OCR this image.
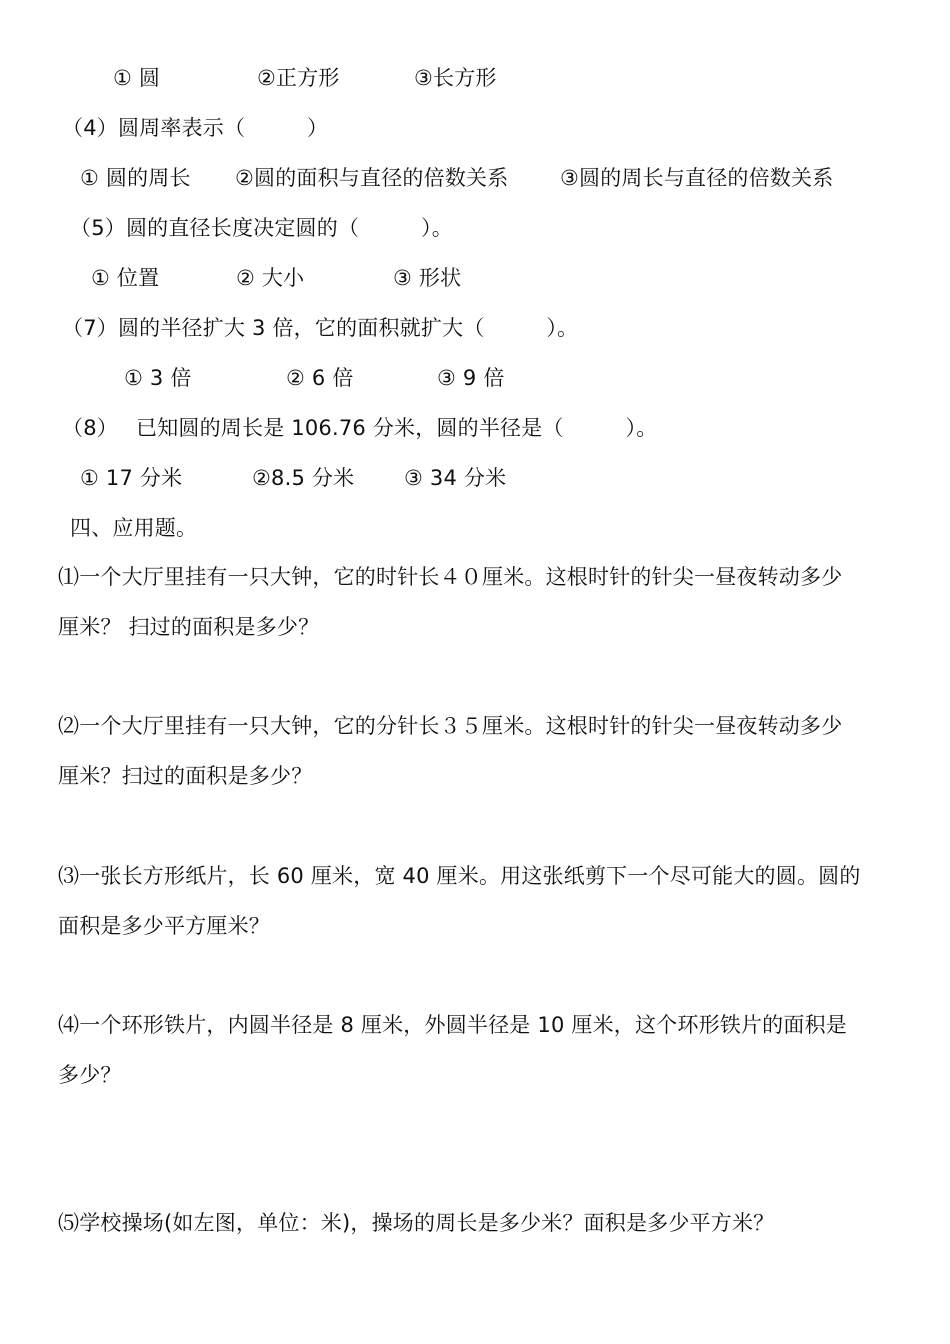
① 圆	②正方形	③长方形
（4）圆周率表示（         ）
① 圆的周长 ②圆的面积与直径的倍数关系 ③圆的周长与直径的倍数关系
（5）圆的直径长度决定圆的（         ）。
① 位置	② 大小	③ 形状
（7）圆的半径扩大 3 倍，它的面积就扩大（         ）。
① 3 倍	② 6 倍	③ 9 倍
（8） 已知圆的周长是 106.76 分米，圆的半径是（         ）。
① 17 分米	②8.5 分米 ③ 34 分米
四、应用题。
⑴一个大厅里挂有一只大钟，它的时针长４０厘米。这根时针的针尖一昼夜转动多少
厘米？ 扫过的面积是多少？
⑵一个大厅里挂有一只大钟，它的分针长３５厘米。这根时针的针尖一昼夜转动多少
厘米？扫过的面积是多少？
⑶一张长方形纸片，长 60 厘米，宽 40 厘米。用这张纸剪下一个尽可能大的圆。圆的
面积是多少平方厘米？
⑷一个环形铁片，内圆半径是 8 厘米，外圆半径是 10 厘米，这个环形铁片的面积是
多少？
⑸学校操场(如左图，单位：米)，操场的周长是多少米？面积是多少平方米？
